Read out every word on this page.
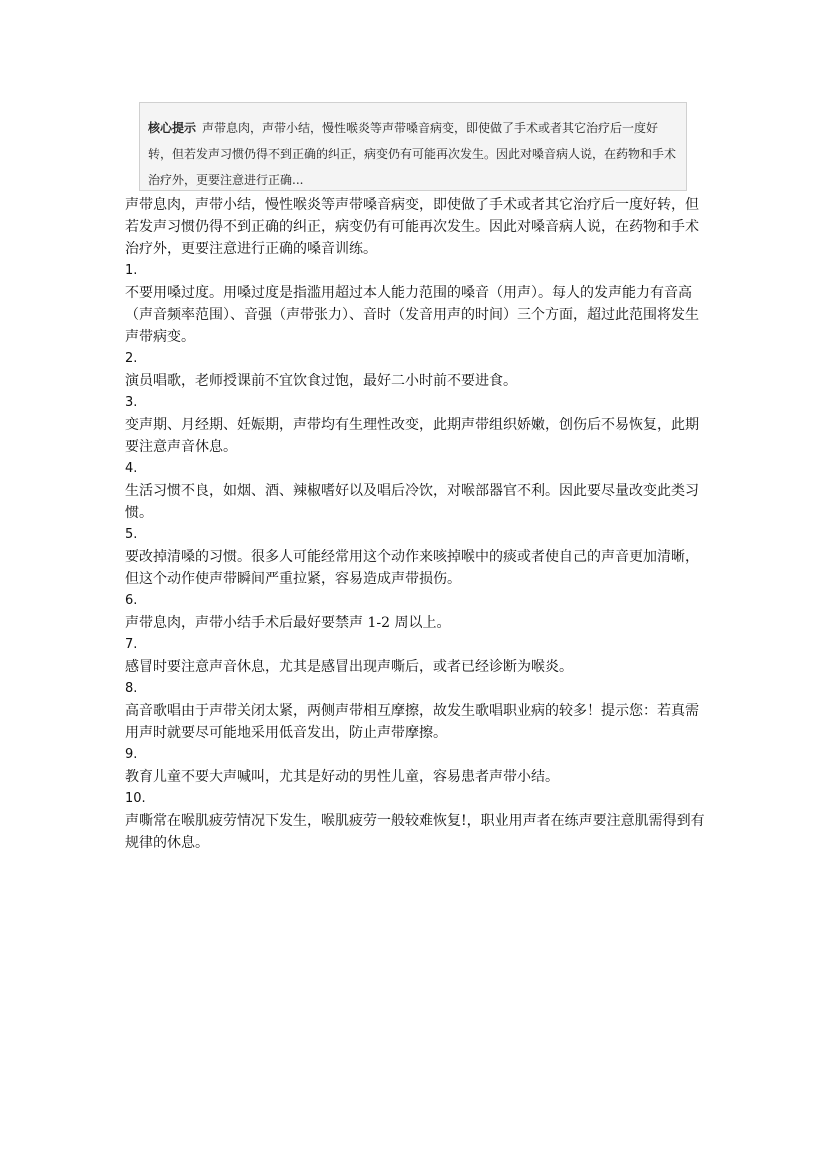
核心提示 声带息肉，声带小结，慢性喉炎等声带嗓音病变，即使做了手术或者其它治疗后一度好转，但若发声习惯仍得不到正确的纠正，病变仍有可能再次发生。因此对嗓音病人说，在药物和手术治疗外，更要注意进行正确...

声带息肉，声带小结，慢性喉炎等声带嗓音病变，即使做了手术或者其它治疗后一度好转，但若发声习惯仍得不到正确的纠正，病变仍有可能再次发生。因此对嗓音病人说，在药物和手术治疗外，更要注意进行正确的嗓音训练。

1.

不要用嗓过度。用嗓过度是指滥用超过本人能力范围的嗓音（用声）。每人的发声能力有音高（声音频率范围）、音强（声带张力）、音时（发音用声的时间）三个方面，超过此范围将发生声带病变。

2.

演员唱歌，老师授课前不宜饮食过饱，最好二小时前不要进食。

3.

变声期、月经期、妊娠期，声带均有生理性改变，此期声带组织娇嫩，创伤后不易恢复，此期要注意声音休息。

4.

生活习惯不良，如烟、酒、辣椒嗜好以及唱后冷饮，对喉部器官不利。因此要尽量改变此类习惯。

5.

要改掉清嗓的习惯。很多人可能经常用这个动作来咳掉喉中的痰或者使自己的声音更加清晰，但这个动作使声带瞬间严重拉紧，容易造成声带损伤。

6.

声带息肉，声带小结手术后最好要禁声 1-2 周以上。

7.

感冒时要注意声音休息，尤其是感冒出现声嘶后，或者已经诊断为喉炎。

8.

高音歌唱由于声带关闭太紧，两侧声带相互摩擦，故发生歌唱职业病的较多！提示您：若真需用声时就要尽可能地采用低音发出，防止声带摩擦。

9.

教育儿童不要大声喊叫，尤其是好动的男性儿童，容易患者声带小结。

10.

声嘶常在喉肌疲劳情况下发生，喉肌疲劳一般较难恢复!，职业用声者在练声要注意肌需得到有规律的休息。
